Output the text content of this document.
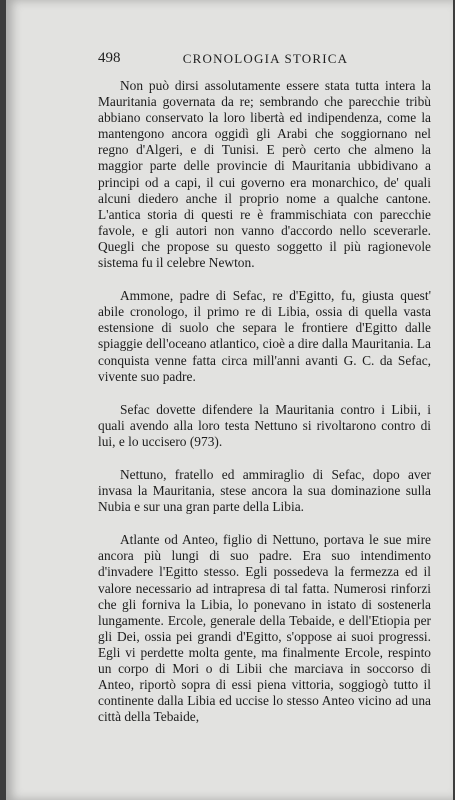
498	CRONOLOGIA STORICA

Non può dirsi assolutamente essere stata tutta intera la Mauritania governata da re; sembrando che parecchie tribù abbiano conservato la loro libertà ed indipendenza, come la mantengono ancora oggidì gli Arabi che soggiornano nel regno d'Algeri, e di Tunisi. E però certo che almeno la maggior parte delle provincie di Mauritania ubbidivano a principi od a capi, il cui governo era monarchico, de' quali alcuni diedero anche il proprio nome a qualche cantone. L'antica storia di questi re è frammischiata con parecchie favole, e gli autori non vanno d'accordo nello sceverarle. Quegli che propose su questo soggetto il più ragionevole sistema fu il celebre Newton.

Ammone, padre di Sefac, re d'Egitto, fu, giusta quest' abile cronologo, il primo re di Libia, ossia di quella vasta estensione di suolo che separa le frontiere d'Egitto dalle spiaggie dell'oceano atlantico, cioè a dire dalla Mauritania. La conquista venne fatta circa mill'anni avanti G. C. da Sefac, vivente suo padre.

Sefac dovette difendere la Mauritania contro i Libii, i quali avendo alla loro testa Nettuno si rivoltarono contro di lui, e lo uccisero (973).

Nettuno, fratello ed ammiraglio di Sefac, dopo aver invasa la Mauritania, stese ancora la sua dominazione sulla Nubia e sur una gran parte della Libia.

Atlante od Anteo, figlio di Nettuno, portava le sue mire ancora più lungi di suo padre. Era suo intendimento d'invadere l'Egitto stesso. Egli possedeva la fermezza ed il valore necessario ad intrapresa di tal fatta. Numerosi rinforzi che gli forniva la Libia, lo ponevano in istato di sostenerla lungamente. Ercole, generale della Tebaide, e dell'Etiopia per gli Dei, ossia pei grandi d'Egitto, s'oppose ai suoi progressi. Egli vi perdette molta gente, ma finalmente Ercole, respinto un corpo di Mori o di Libii che marciava in soccorso di Anteo, riportò sopra di essi piena vittoria, soggiogò tutto il continente dalla Libia ed uccise lo stesso Anteo vicino ad una città della Tebaide,
